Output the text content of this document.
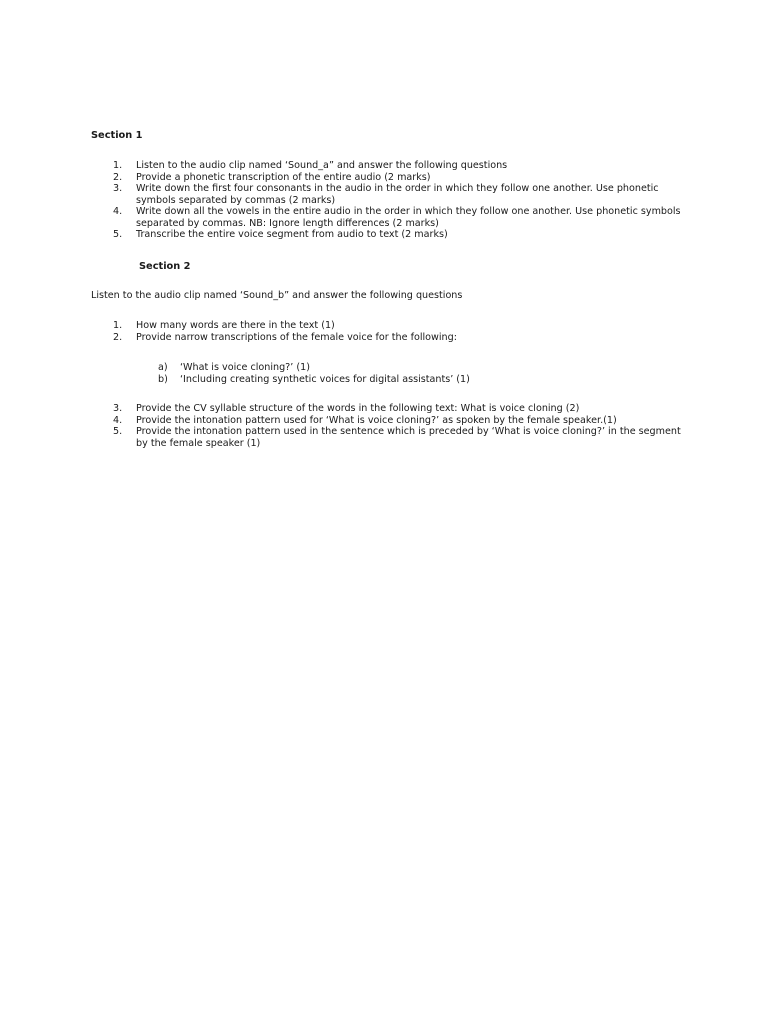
Section 1
1. Listen to the audio clip named ‘Sound_a” and answer the following questions
2. Provide a phonetic transcription of the entire audio (2 marks)
3. Write down the first four consonants in the audio in the order in which they follow one another. Use phonetic symbols separated by commas (2 marks)
4. Write down all the vowels in the entire audio in the order in which they follow one another. Use phonetic symbols separated by commas. NB: Ignore length differences (2 marks)
5. Transcribe the entire voice segment from audio to text (2 marks)
Section 2
Listen to the audio clip named ‘Sound_b” and answer the following questions
1. How many words are there in the text (1)
2. Provide narrow transcriptions of the female voice for the following:
a) ‘What is voice cloning?’ (1)
b) ‘Including creating synthetic voices for digital assistants’ (1)
3. Provide the CV syllable structure of the words in the following text: What is voice cloning (2)
4. Provide the intonation pattern used for ‘What is voice cloning?’ as spoken by the female speaker.(1)
5. Provide the intonation pattern used in the sentence which is preceded by ‘What is voice cloning?’ in the segment by the female speaker (1)
